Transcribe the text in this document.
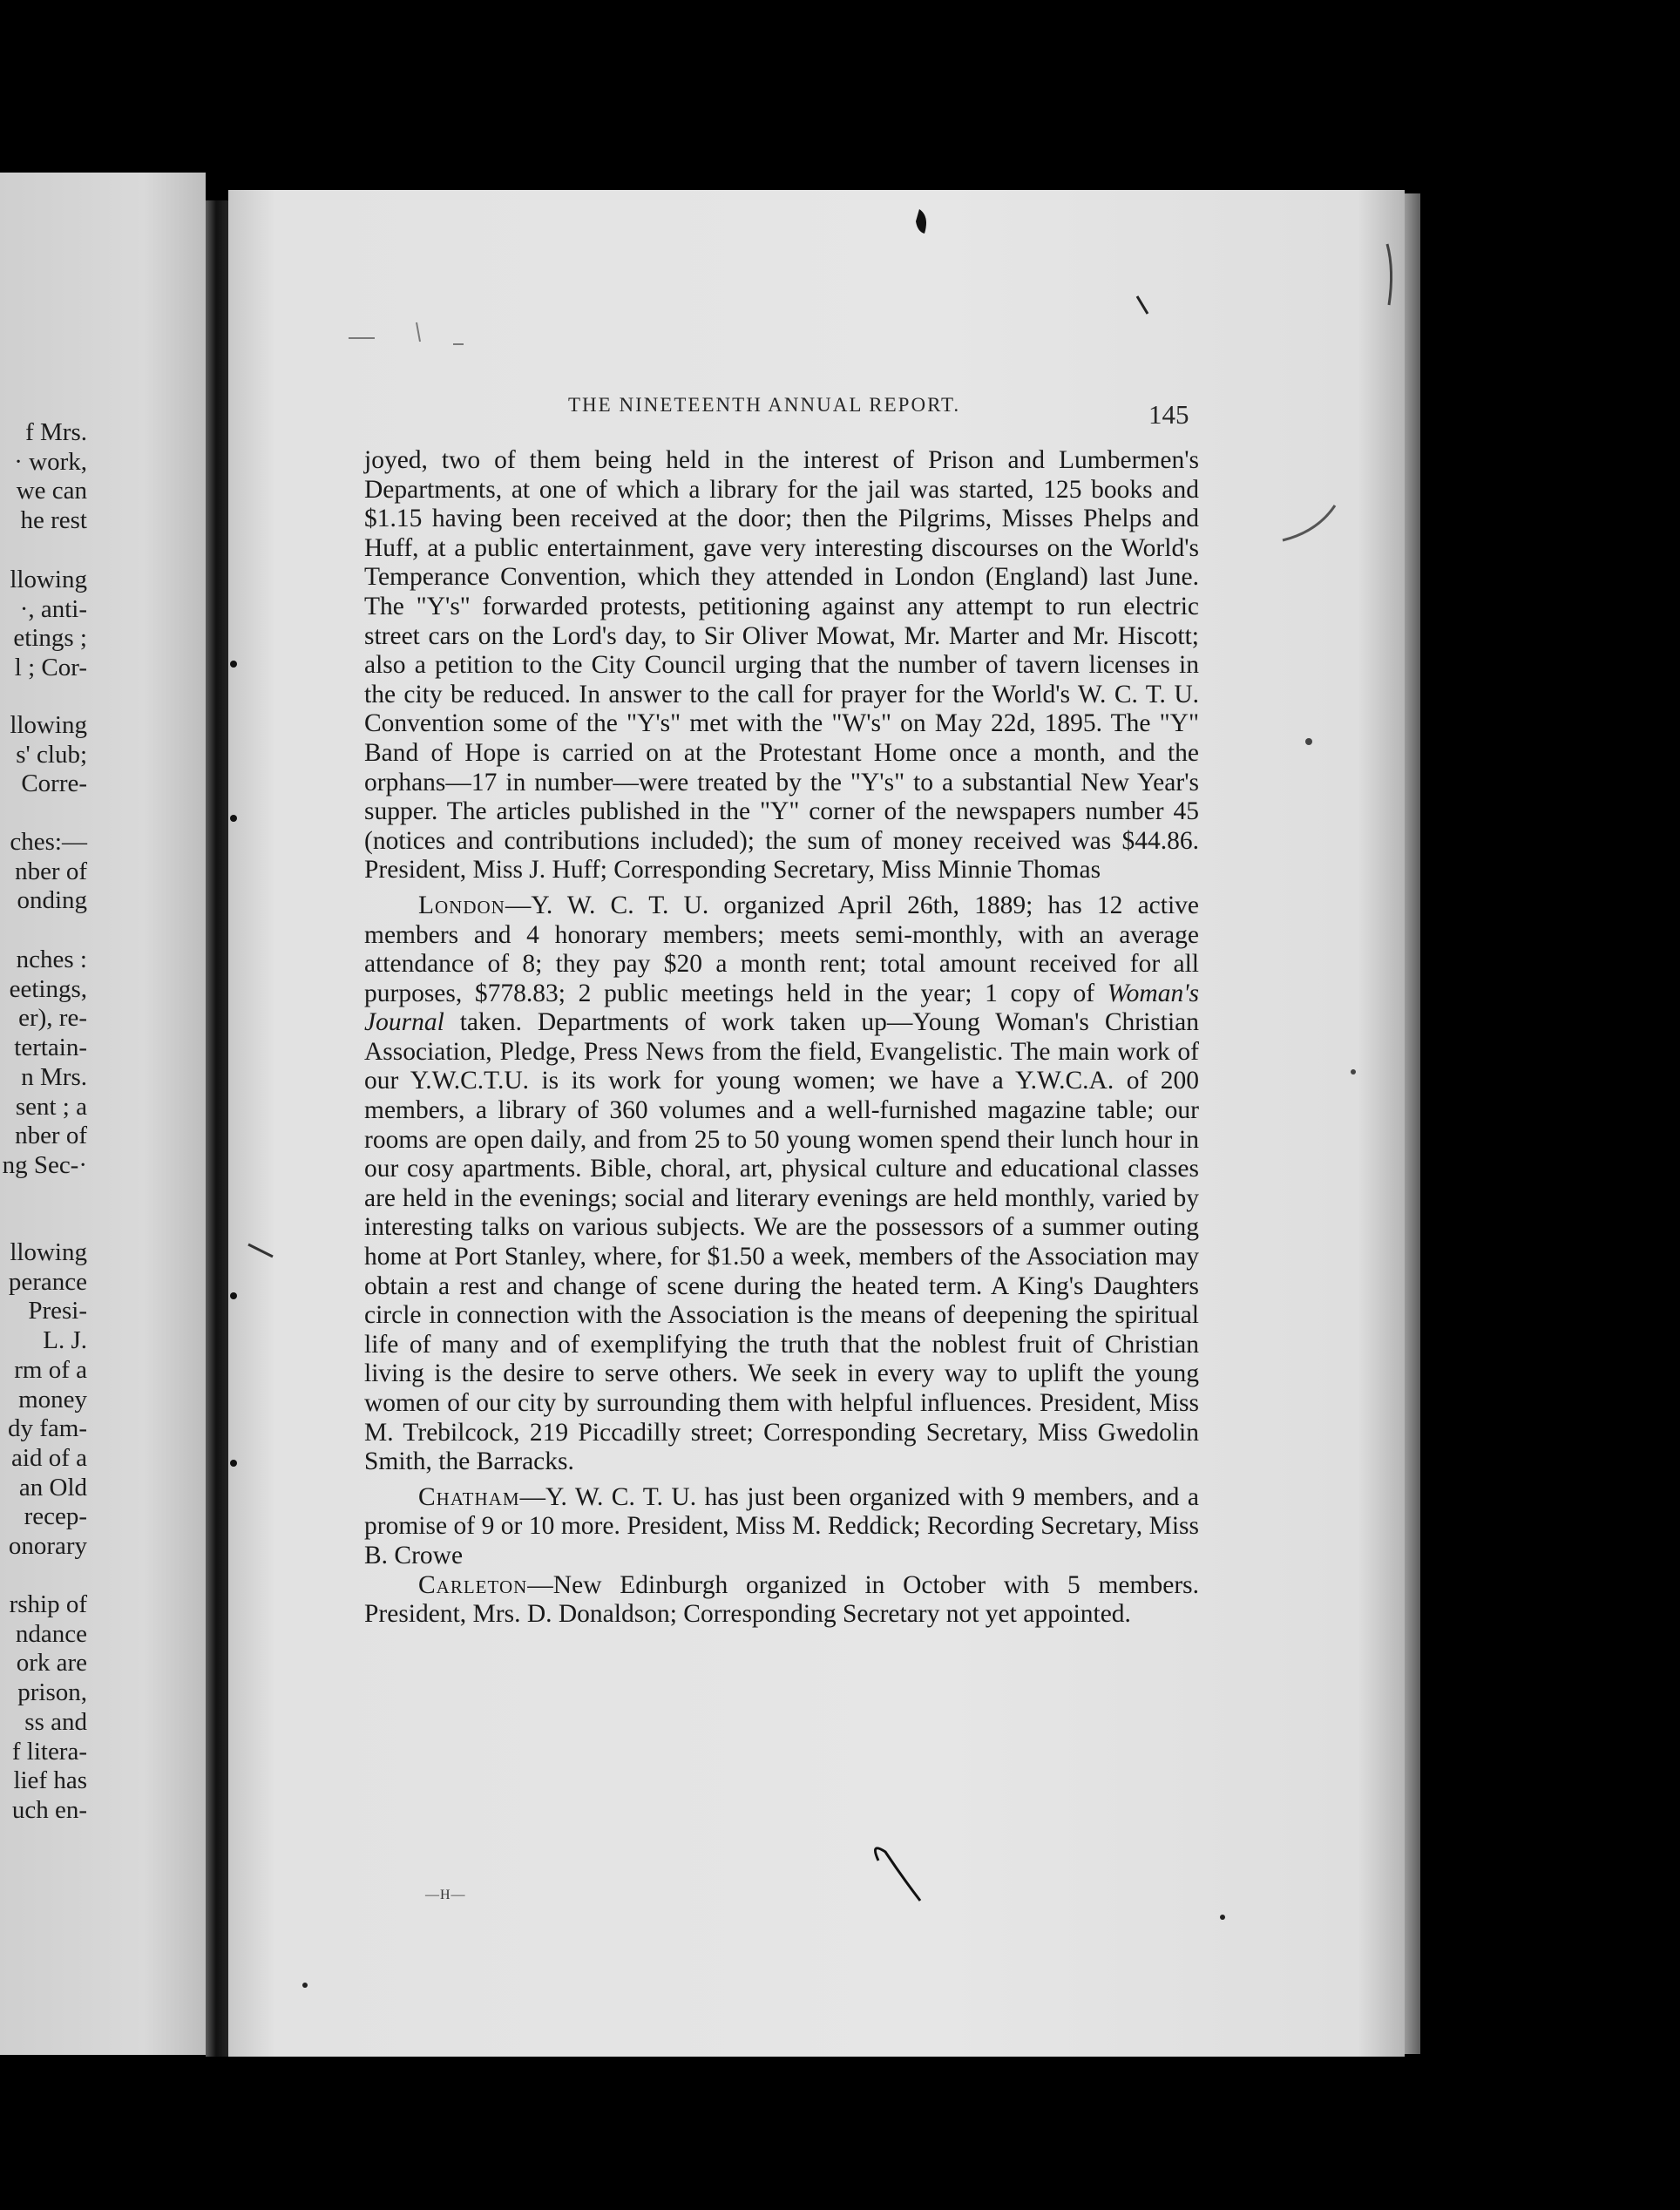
f Mrs.
· work,
we can
he rest
llowing
·, anti-
etings ;
l ; Cor-
llowing
s' club;
Corre-
ches:—
nber of
onding
nches :
eetings,
er), re-
tertain-
n Mrs.
sent ; a
nber of
ng Sec-·
llowing
perance
Presi-
L. J.
rm of a
money
dy fam-
aid of a
an Old
recep-
onorary
rship of
ndance
ork are
prison,
ss and
f litera-
lief has
uch en-
THE NINETEENTH ANNUAL REPORT.	145

joyed, two of them being held in the interest of Prison and Lumbermen's Departments, at one of which a library for the jail was started, 125 books and $1.15 having been received at the door; then the Pilgrims, Misses Phelps and Huff, at a public entertainment, gave very interesting discourses on the World's Temperance Convention, which they attended in London (England) last June. The "Y's" forwarded protests, petitioning against any attempt to run electric street cars on the Lord's day, to Sir Oliver Mowat, Mr. Marter and Mr. Hiscott; also a petition to the City Council urging that the number of tavern licenses in the city be reduced. In answer to the call for prayer for the World's W. C. T. U. Convention some of the "Y's" met with the "W's" on May 22d, 1895. The "Y" Band of Hope is carried on at the Protestant Home once a month, and the orphans—17 in number—were treated by the "Y's" to a substantial New Year's supper. The articles published in the "Y" corner of the newspapers number 45 (notices and contributions included); the sum of money received was $44.86. President, Miss J. Huff; Corresponding Secretary, Miss Minnie Thomas

London—Y. W. C. T. U. organized April 26th, 1889; has 12 active members and 4 honorary members; meets semi-monthly, with an average attendance of 8; they pay $20 a month rent; total amount received for all purposes, $778.83; 2 public meetings held in the year; 1 copy of Woman's Journal taken. Departments of work taken up—Young Woman's Christian Association, Pledge, Press News from the field, Evangelistic. The main work of our Y.W.C.T.U. is its work for young women; we have a Y.W.C.A. of 200 members, a library of 360 volumes and a well-furnished magazine table; our rooms are open daily, and from 25 to 50 young women spend their lunch hour in our cosy apartments. Bible, choral, art, physical culture and educational classes are held in the evenings; social and literary evenings are held monthly, varied by interesting talks on various subjects. We are the possessors of a summer outing home at Port Stanley, where, for $1.50 a week, members of the Association may obtain a rest and change of scene during the heated term. A King's Daughters circle in connection with the Association is the means of deepening the spiritual life of many and of exemplifying the truth that the noblest fruit of Christian living is the desire to serve others. We seek in every way to uplift the young women of our city by surrounding them with helpful influences. President, Miss M. Trebilcock, 219 Piccadilly street; Corresponding Secretary, Miss Gwedolin Smith, the Barracks.

Chatham—Y. W. C. T. U. has just been organized with 9 members, and a promise of 9 or 10 more. President, Miss M. Reddick; Recording Secretary, Miss B. Crowe

Carleton—New Edinburgh organized in October with 5 members. President, Mrs. D. Donaldson; Corresponding Secretary not yet appointed.

—H—
